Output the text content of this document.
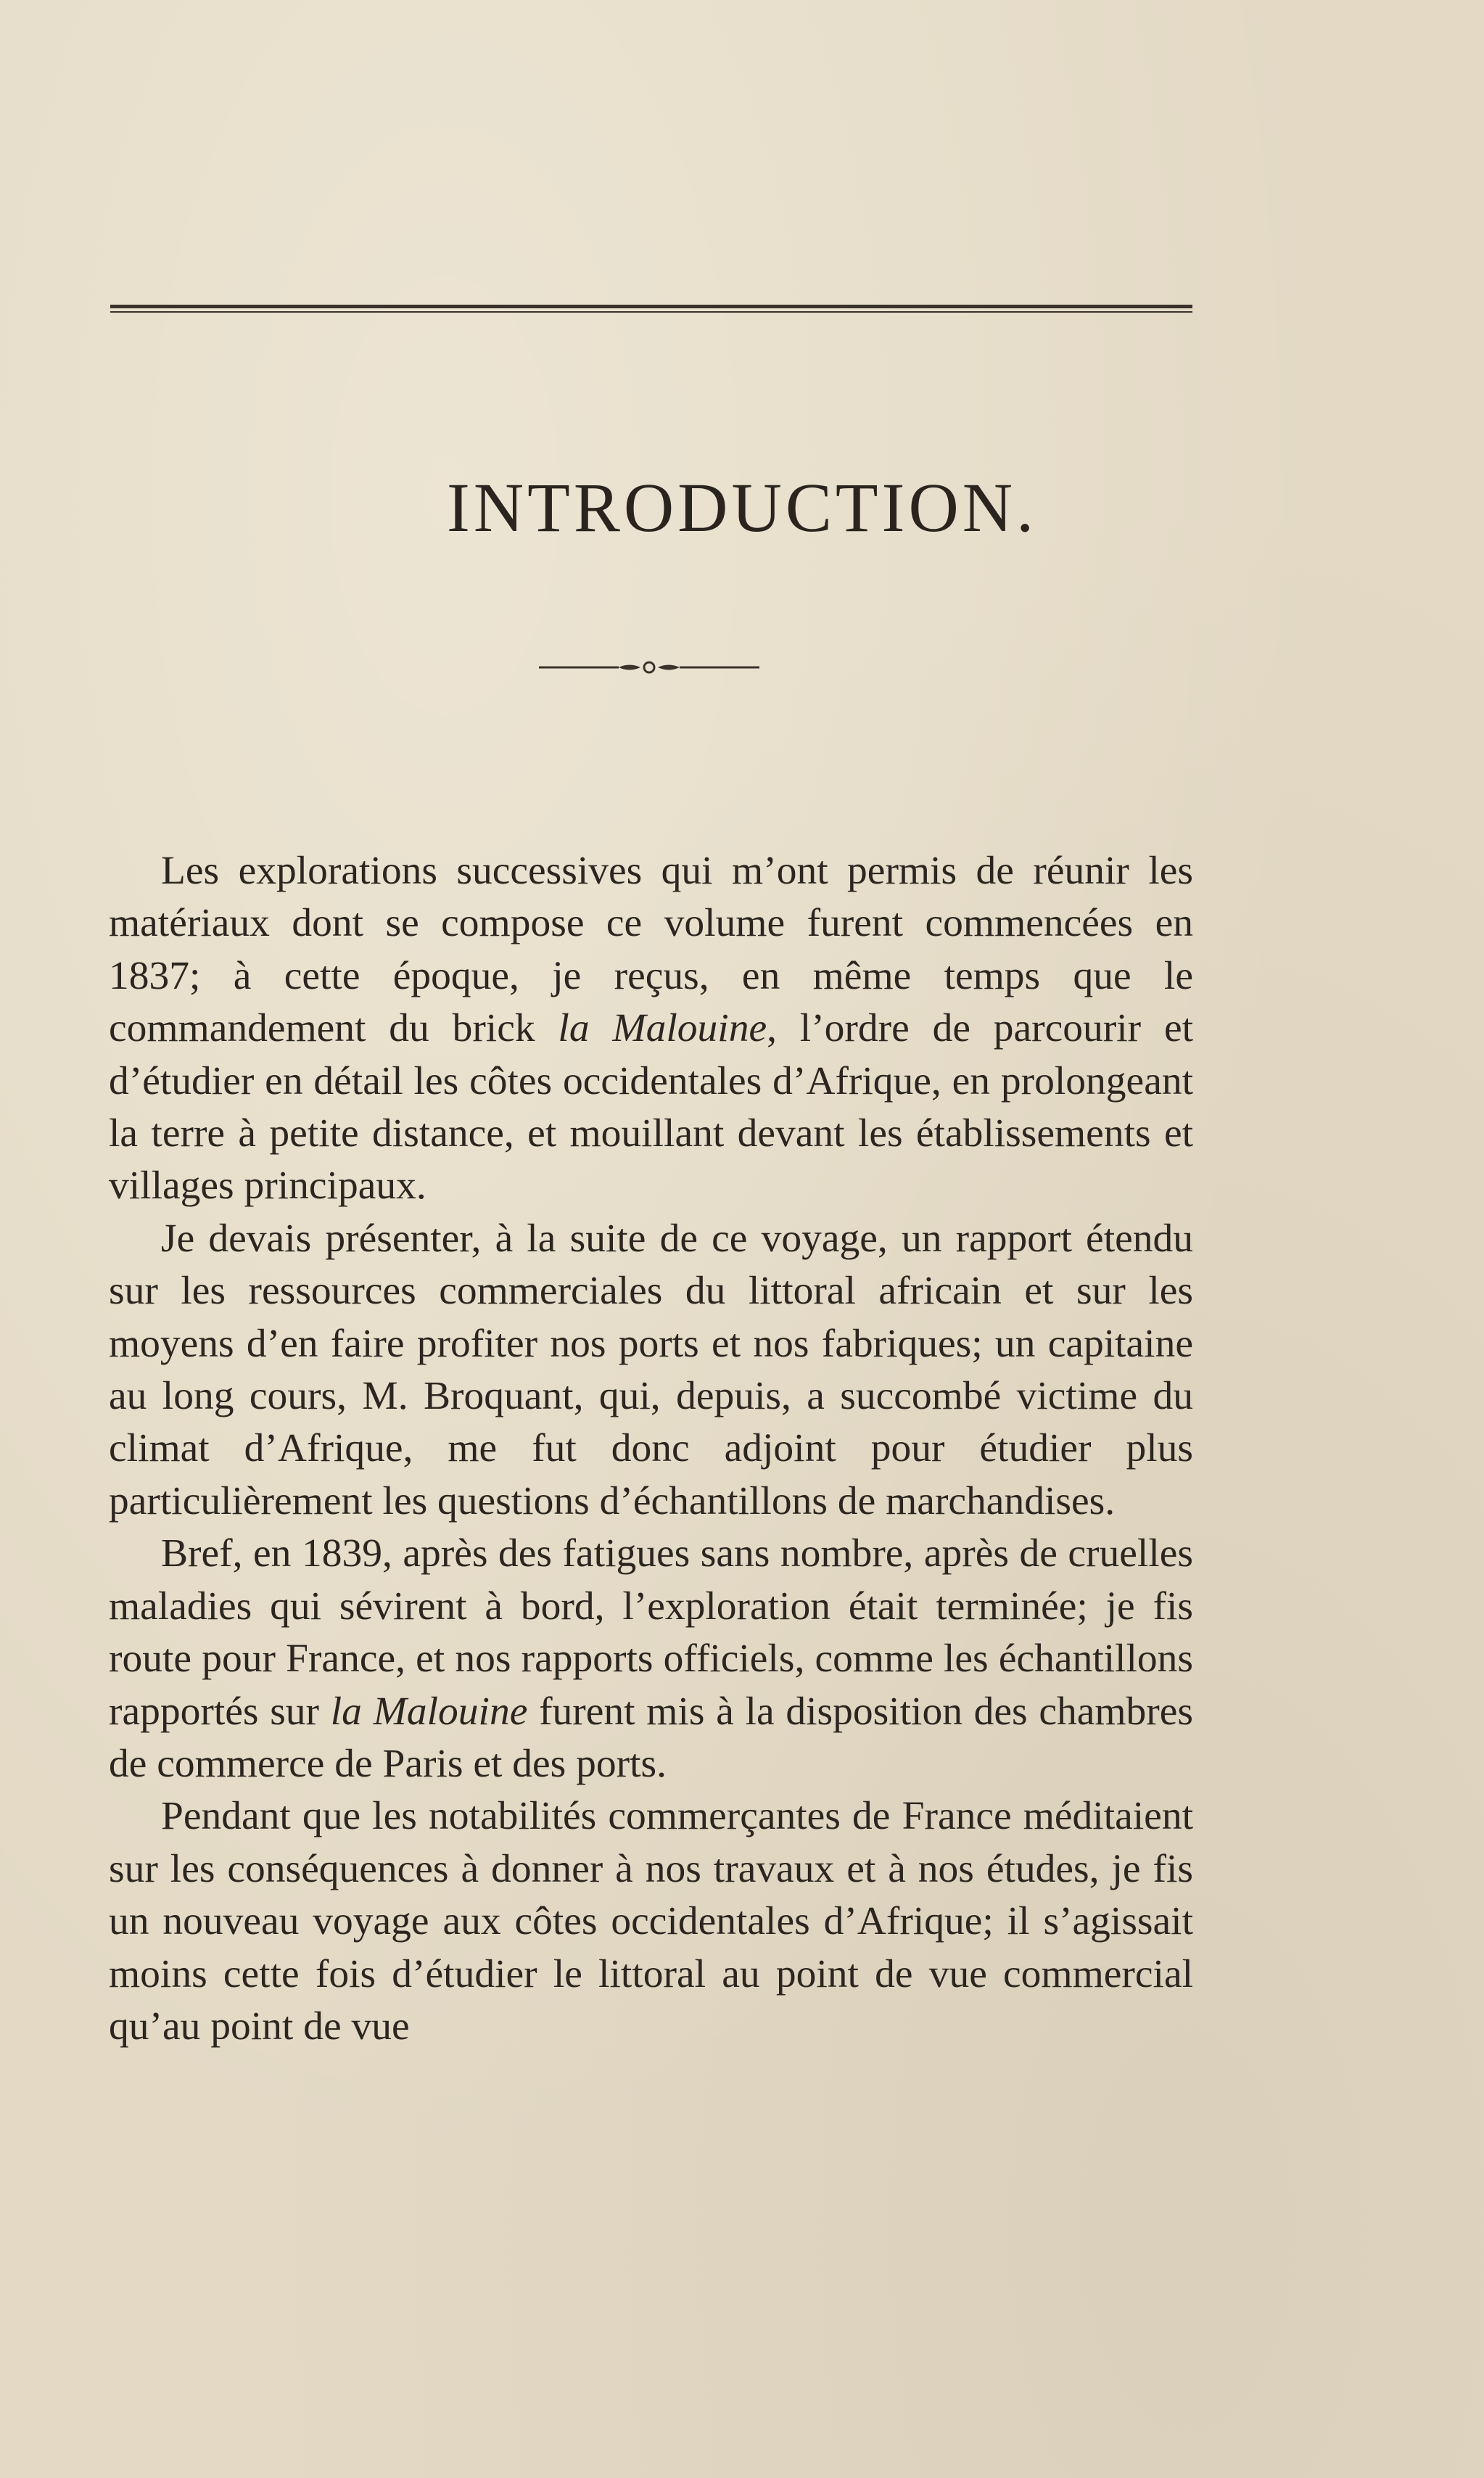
INTRODUCTION.

Les explorations successives qui m’ont permis de réunir les matériaux dont se compose ce volume furent commencées en 1837; à cette époque, je reçus, en même temps que le commandement du brick la Malouine, l’ordre de parcourir et d’étudier en détail les côtes occidentales d’Afrique, en prolongeant la terre à petite distance, et mouillant devant les établissements et villages principaux.

Je devais présenter, à la suite de ce voyage, un rapport étendu sur les ressources commerciales du littoral africain et sur les moyens d’en faire profiter nos ports et nos fabriques; un capitaine au long cours, M. Broquant, qui, depuis, a succombé victime du climat d’Afrique, me fut donc adjoint pour étudier plus particulièrement les questions d’échantillons de marchandises.

Bref, en 1839, après des fatigues sans nombre, après de cruelles maladies qui sévirent à bord, l’exploration était terminée; je fis route pour France, et nos rapports officiels, comme les échantillons rapportés sur la Malouine furent mis à la disposition des chambres de commerce de Paris et des ports.

Pendant que les notabilités commerçantes de France méditaient sur les conséquences à donner à nos travaux et à nos études, je fis un nouveau voyage aux côtes occidentales d’Afrique; il s’agissait moins cette fois d’étudier le littoral au point de vue commercial qu’au point de vue
